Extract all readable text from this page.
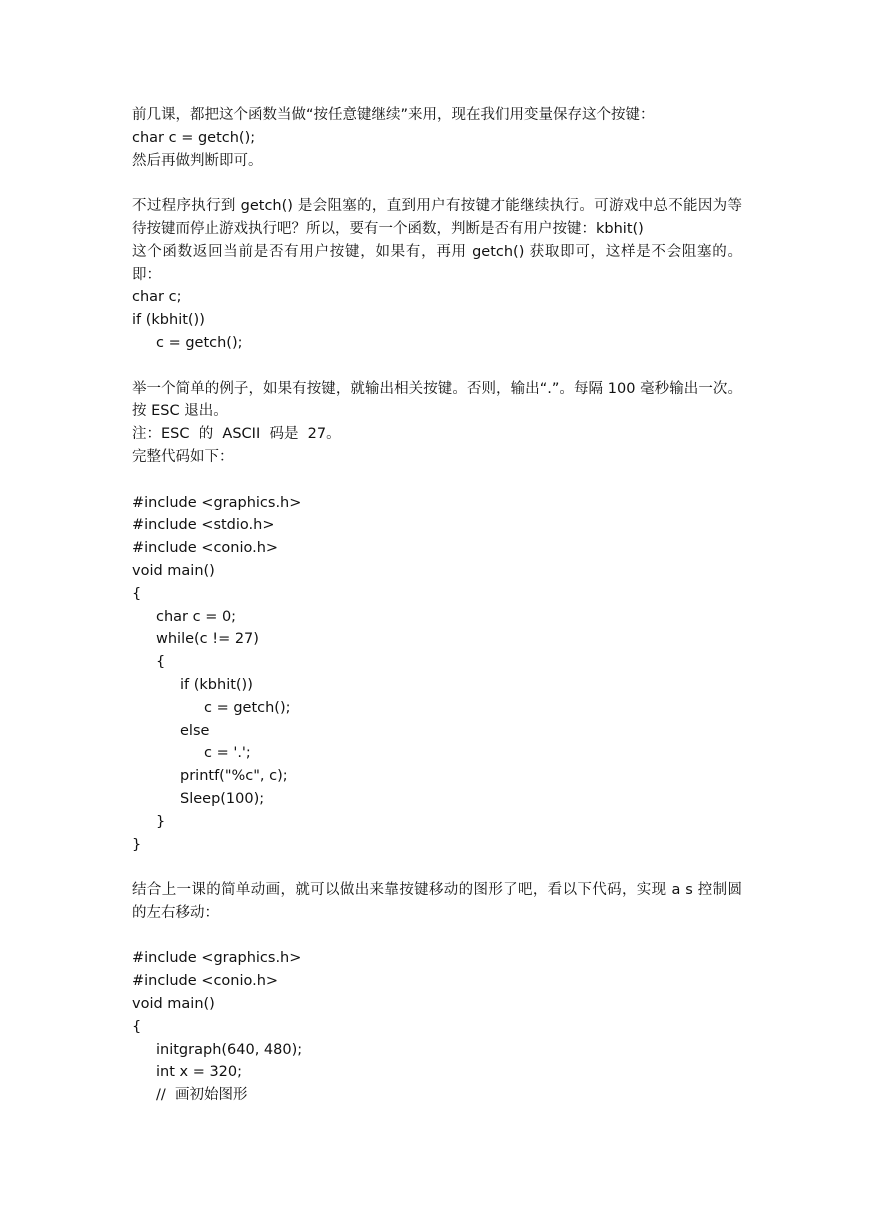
前几课，都把这个函数当做“按任意键继续”来用，现在我们用变量保存这个按键：
char c = getch();
然后再做判断即可。
不过程序执行到 getch() 是会阻塞的，直到用户有按键才能继续执行。可游戏中总不能因为等待按键而停止游戏执行吧？所以，要有一个函数，判断是否有用户按键：kbhit()
这个函数返回当前是否有用户按键，如果有，再用 getch() 获取即可，这样是不会阻塞的。即：
char c;
if (kbhit())
c = getch();
举一个简单的例子，如果有按键，就输出相关按键。否则，输出“.”。每隔 100 毫秒输出一次。按 ESC 退出。
注：ESC  的  ASCII  码是  27。
完整代码如下：
#include <graphics.h>
#include <stdio.h>
#include <conio.h>
void main()
{
char c = 0;
while(c != 27)
{
if (kbhit())
c = getch();
else
c = '.';
printf("%c", c);
Sleep(100);
}
}
结合上一课的简单动画，就可以做出来靠按键移动的图形了吧，看以下代码，实现 a s 控制圆的左右移动：
#include <graphics.h>
#include <conio.h>
void main()
{
initgraph(640, 480);
int x = 320;
//  画初始图形
